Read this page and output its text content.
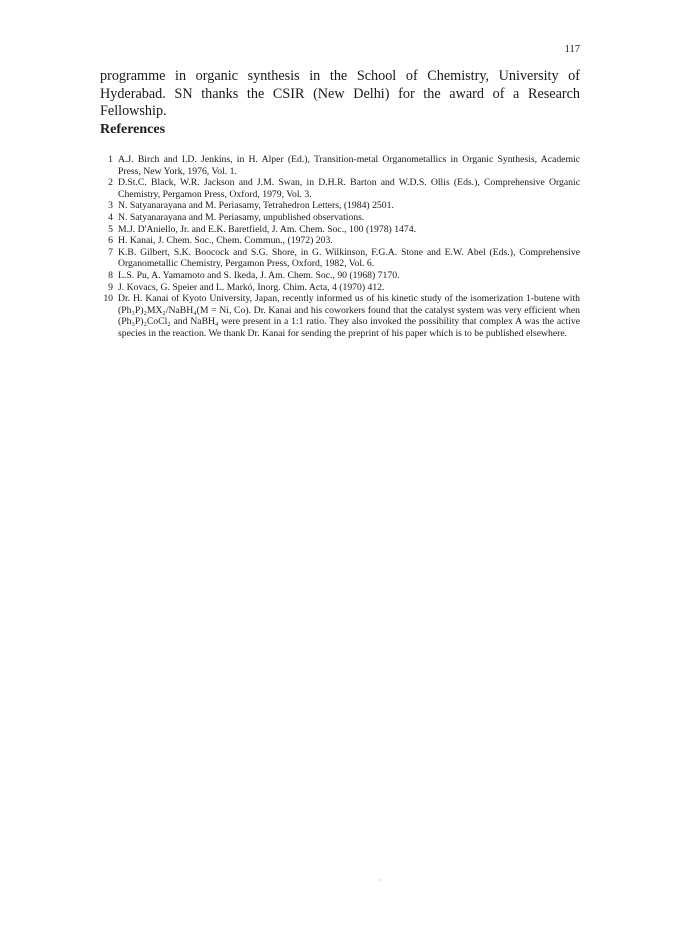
117

programme in organic synthesis in the School of Chemistry, University of Hyderabad. SN thanks the CSIR (New Delhi) for the award of a Research Fellowship.

References
1 A.J. Birch and I.D. Jenkins, in H. Alper (Ed.), Transition-metal Organometallics in Organic Synthesis, Academic Press, New York, 1976, Vol. 1.
2 D.St.C. Black, W.R. Jackson and J.M. Swan, in D.H.R. Barton and W.D.S. Ollis (Eds.), Comprehensive Organic Chemistry, Pergamon Press, Oxford, 1979, Vol. 3.
3 N. Satyanarayana and M. Periasamy, Tetrahedron Letters, (1984) 2501.
4 N. Satyanarayana and M. Periasamy, unpublished observations.
5 M.J. D'Aniello, Jr. and E.K. Baretfield, J. Am. Chem. Soc., 100 (1978) 1474.
6 H. Kanai, J. Chem. Soc., Chem. Commun., (1972) 203.
7 K.B. Gilbert, S.K. Boocock and S.G. Shore, in G. Wilkinson, F.G.A. Stone and E.W. Abel (Eds.), Comprehensive Organometallic Chemistry, Pergamon Press, Oxford, 1982, Vol. 6.
8 L.S. Pu, A. Yamamoto and S. Ikeda, J. Am. Chem. Soc., 90 (1968) 7170.
9 J. Kovacs, G. Speier and L. Markó, Inorg. Chim. Acta, 4 (1970) 412.
10 Dr. H. Kanai of Kyoto University, Japan, recently informed us of his kinetic study of the isomerization 1-butene with (Ph₃P)₂MX₂/NaBH₄(M = Ni, Co). Dr. Kanai and his coworkers found that the catalyst system was very efficient when (Ph₃P)₂CoCl₂ and NaBH₄ were present in a 1:1 ratio. They also invoked the possibility that complex A was the active species in the reaction. We thank Dr. Kanai for sending the preprint of his paper which is to be published elsewhere.
·
